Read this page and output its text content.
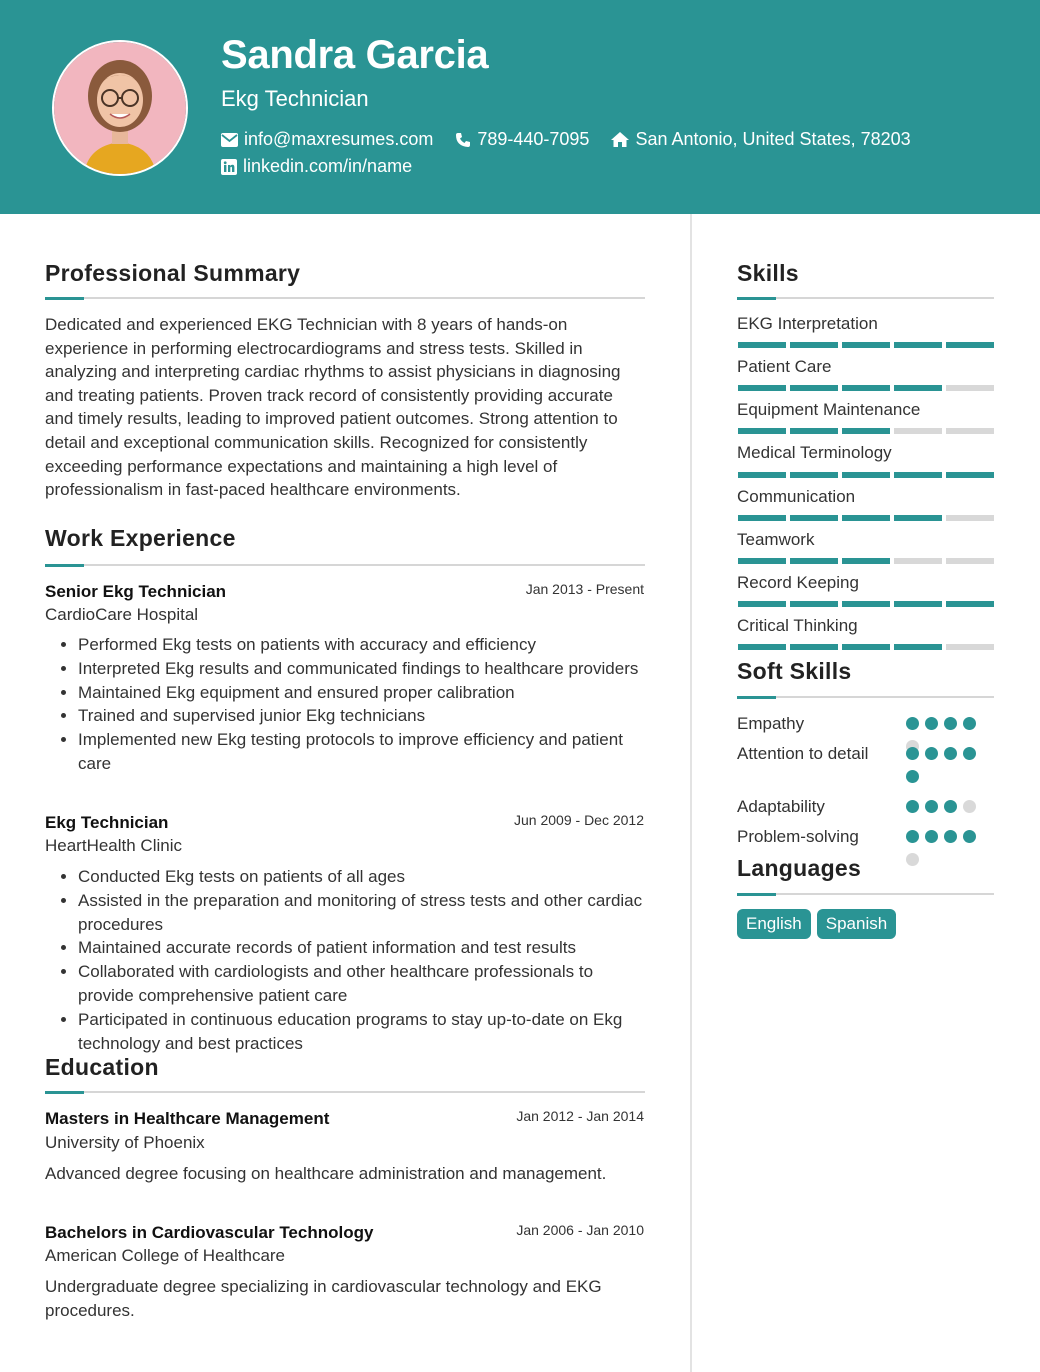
Sandra Garcia
Ekg Technician
info@maxresumes.com 789-440-7095	San Antonio, United States, 78203
linkedin.com/in/name
Professional Summary

Dedicated and experienced EKG Technician with 8 years of hands-on experience in performing electrocardiograms and stress tests. Skilled in analyzing and interpreting cardiac rhythms to assist physicians in diagnosing and treating patients. Proven track record of consistently providing accurate and timely results, leading to improved patient outcomes. Strong attention to detail and exceptional communication skills. Recognized for consistently exceeding performance expectations and maintaining a high level of professionalism in fast-paced healthcare environments.

Work Experience
Senior Ekg Technician	Jan 2013 - Present
CardioCare Hospital
• Performed Ekg tests on patients with accuracy and efficiency
• Interpreted Ekg results and communicated findings to healthcare providers
• Maintained Ekg equipment and ensured proper calibration
• Trained and supervised junior Ekg technicians
• Implemented new Ekg testing protocols to improve efficiency and patient care
Ekg Technician	Jun 2009 - Dec 2012
HeartHealth Clinic
• Conducted Ekg tests on patients of all ages
• Assisted in the preparation and monitoring of stress tests and other cardiac procedures
• Maintained accurate records of patient information and test results
• Collaborated with cardiologists and other healthcare professionals to provide comprehensive patient care
• Participated in continuous education programs to stay up-to-date on Ekg technology and best practices
Education
Masters in Healthcare Management	Jan 2012 - Jan 2014
University of Phoenix

Advanced degree focusing on healthcare administration and management.

Bachelors in Cardiovascular Technology	Jan 2006 - Jan 2010
American College of Healthcare

Undergraduate degree specializing in cardiovascular technology and EKG procedures.

Skills
EKG Interpretation
Patient Care
Equipment Maintenance
Medical Terminology
Communication
Teamwork
Record Keeping
Critical Thinking
Soft Skills
Empathy
Attention to detail
Adaptability
Problem-solving
Languages
English	Spanish
